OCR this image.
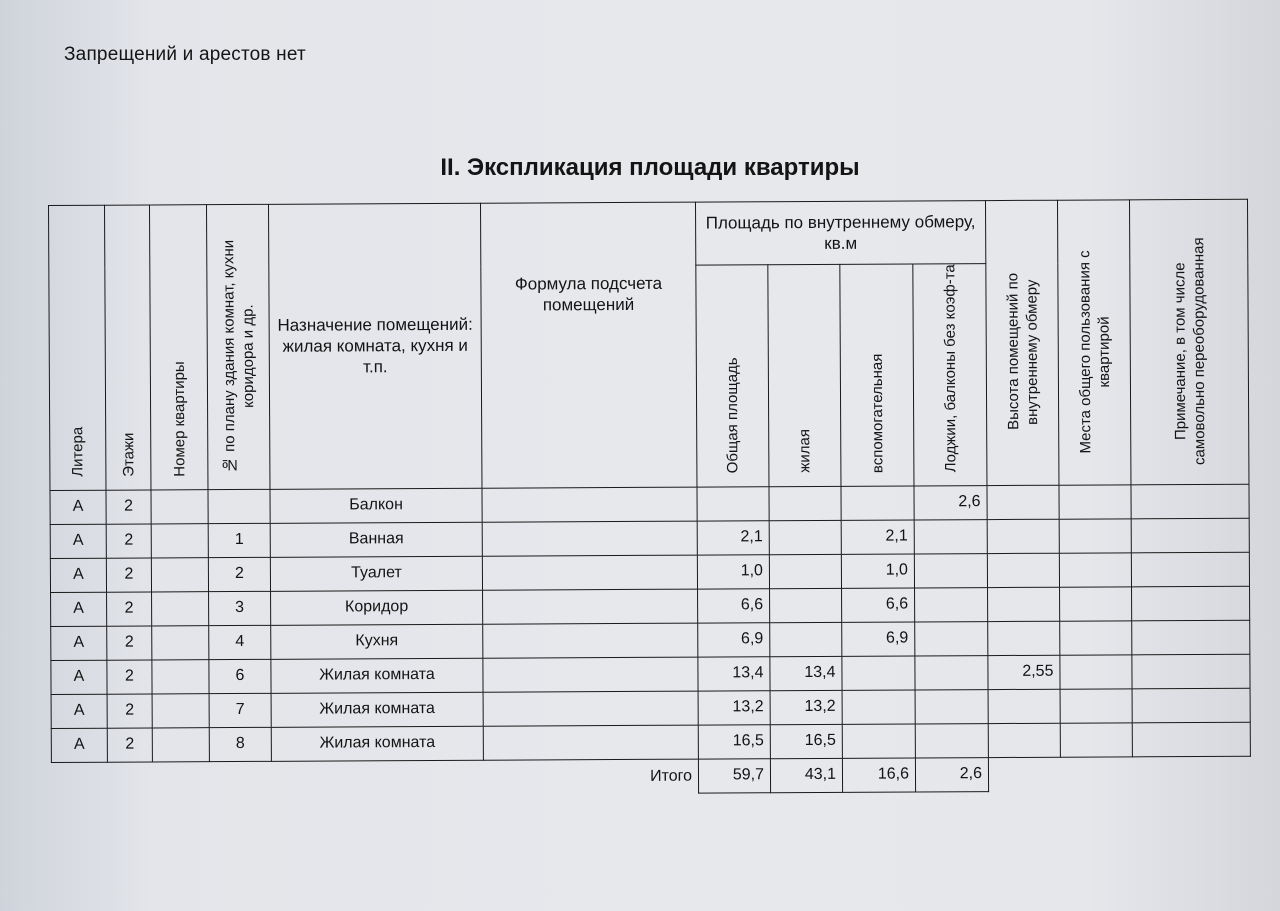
Запрещений и арестов нет
II. Экспликация площади квартиры
Литера	Этажи	Номер квартиры	№ по плану здания комнат, кухни коридора и др.	Назначение помещений: жилая комната, кухня и т.п.	Формула подсчета помещений	Площадь по внутреннему обмеру, кв.м				Высота помещений по внутреннему обмеру	Места общего пользования с квартирой	Примечание, в том числе самовольно переоборудованная
						Общая площадь	жилая	вспомогательная	Лоджии, балконы без коэф-та			
А	2			Балкон					2,6			
А	2		1	Ванная		2,1		2,1				
А	2		2	Туалет		1,0		1,0				
А	2		3	Коридор		6,6		6,6				
А	2		4	Кухня		6,9		6,9				
А	2		6	Жилая комната		13,4	13,4			2,55		
А	2		7	Жилая комната		13,2	13,2					
А	2		8	Жилая комната		16,5	16,5					
Итого						59,7	43,1	16,6	2,6			
